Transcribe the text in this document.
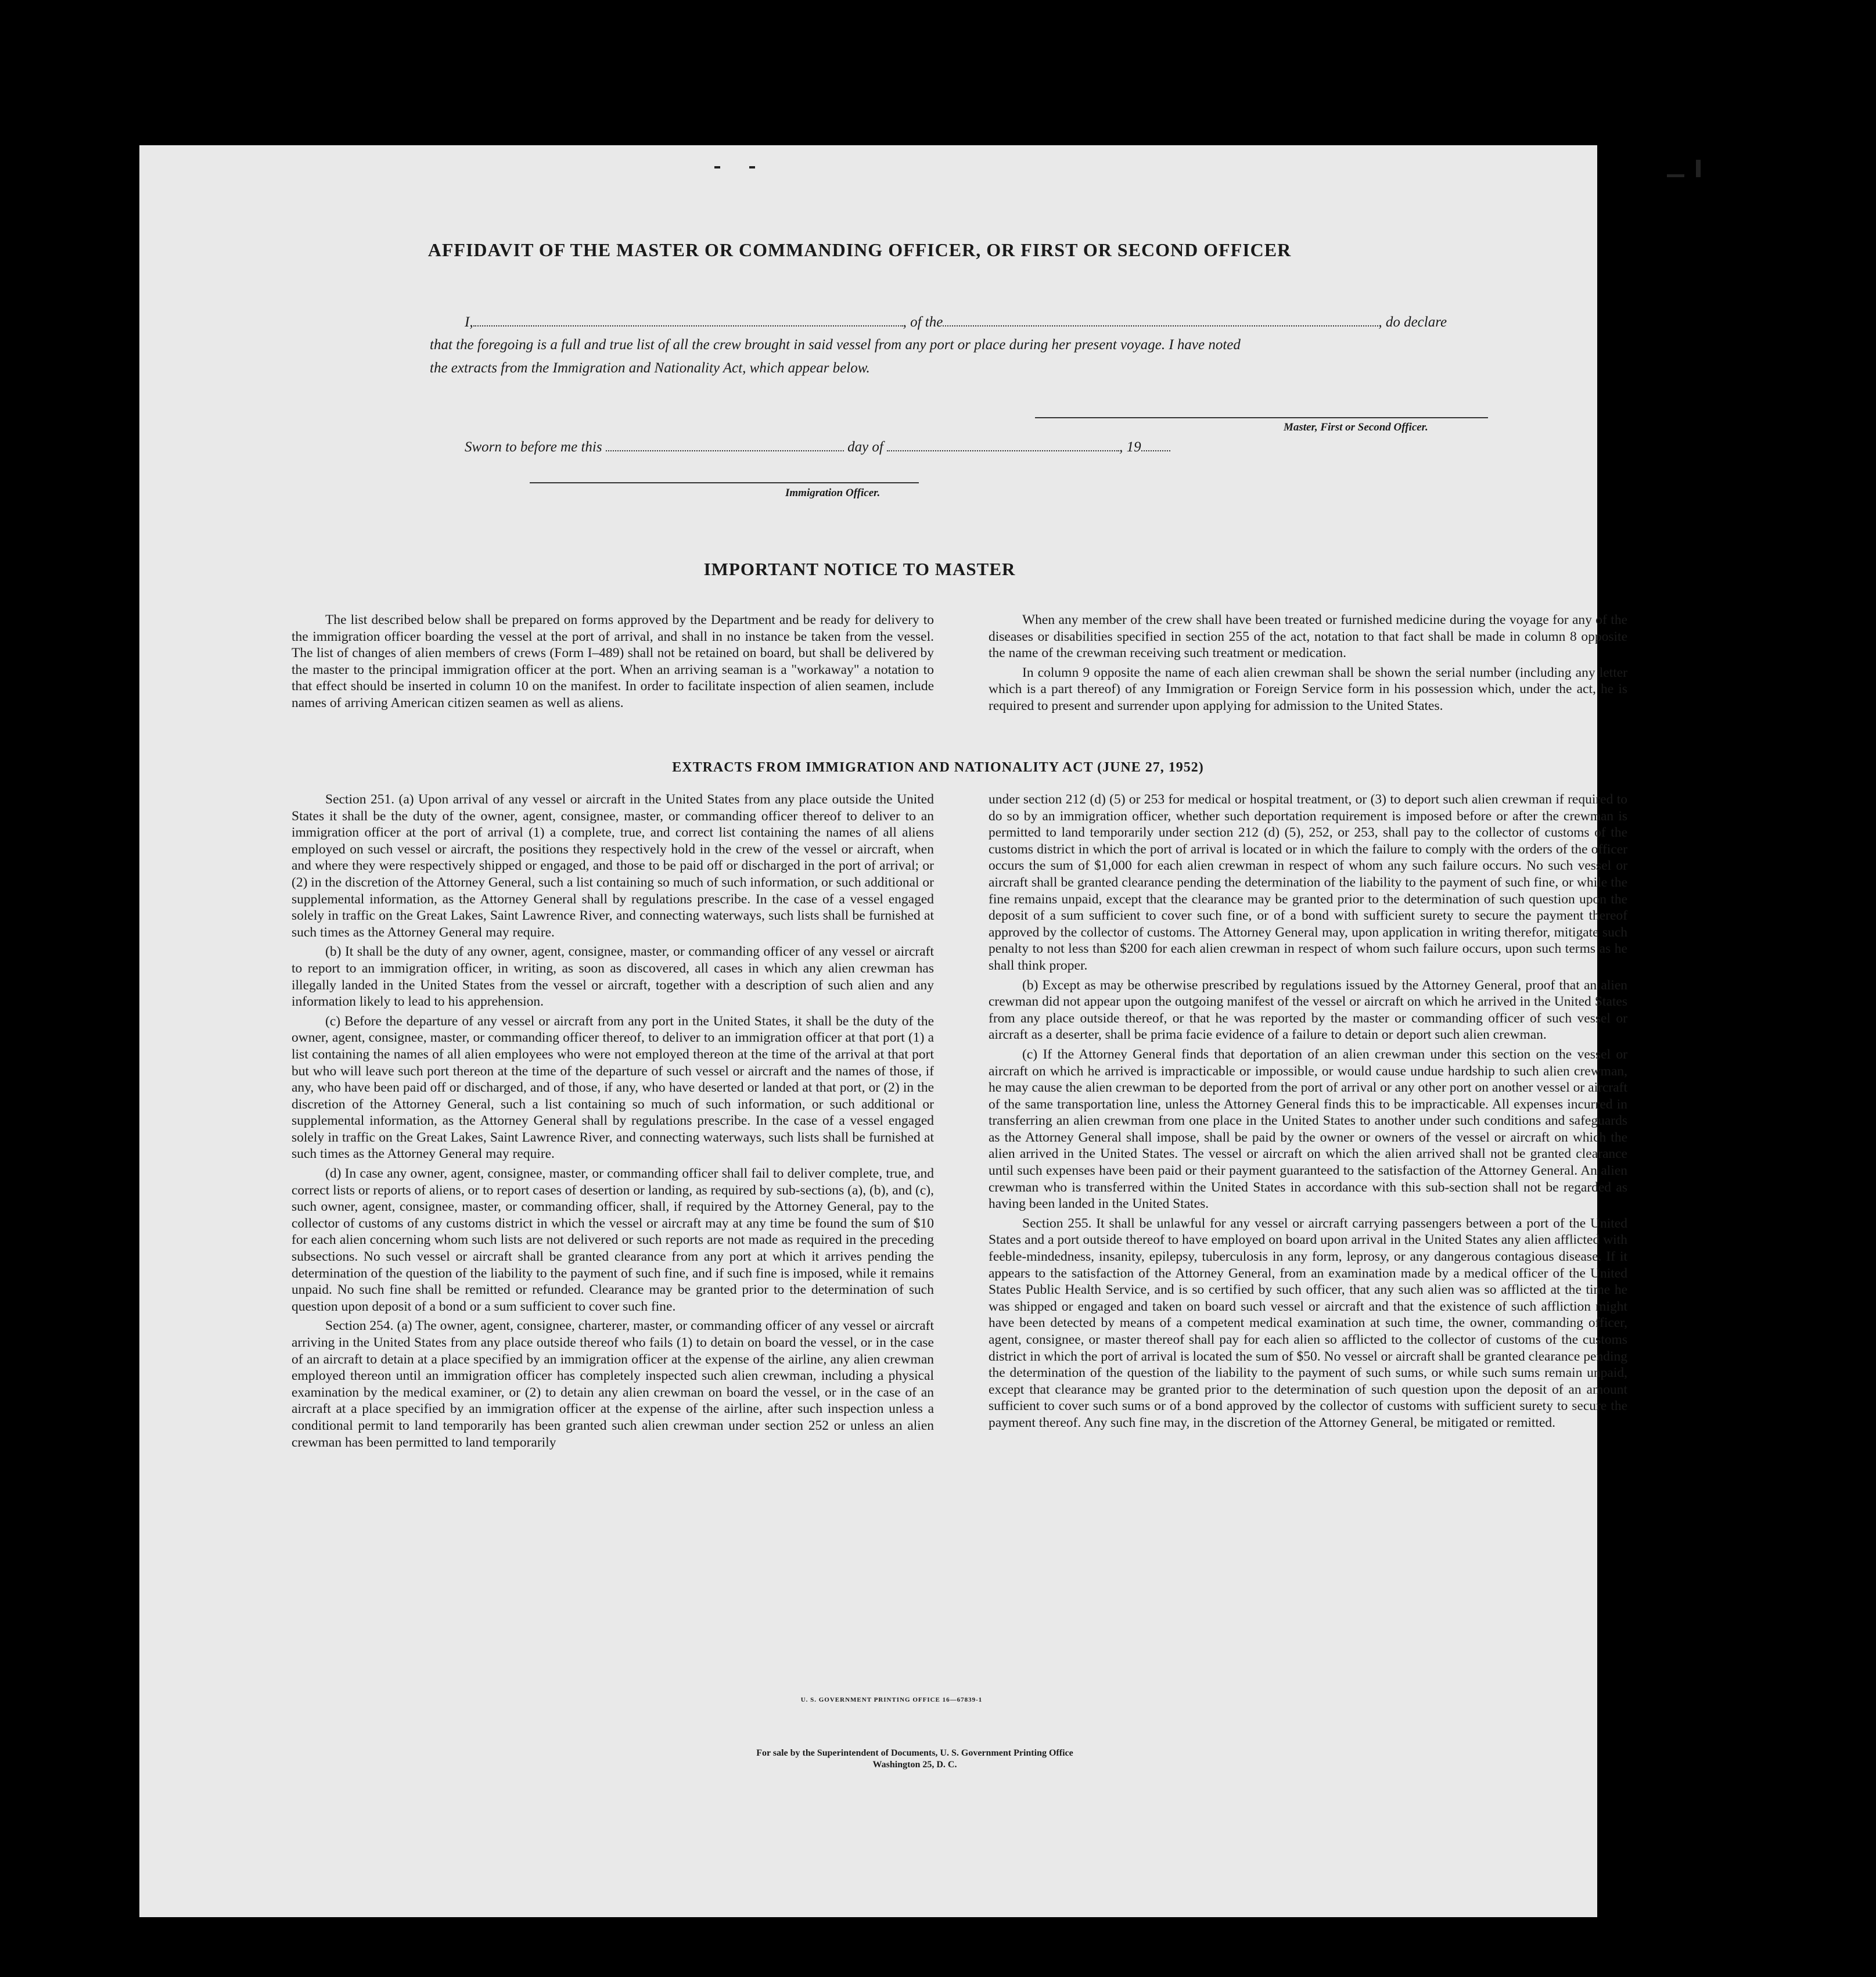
AFFIDAVIT OF THE MASTER OR COMMANDING OFFICER, OR FIRST OR SECOND OFFICER
I,	, of the	, do declare
that the foregoing is a full and true list of all the crew brought in said vessel from any port or place during her present voyage. I have noted
the extracts from the Immigration and Nationality Act, which appear below.
Master, First or Second Officer.
Sworn to before me this	day of	, 19
Immigration Officer.
IMPORTANT NOTICE TO MASTER

The list described below shall be prepared on forms approved by the Department and be ready for delivery to the immigration officer boarding the vessel at the port of arrival, and shall in no instance be taken from the vessel. The list of changes of alien members of crews (Form I–489) shall not be retained on board, but shall be delivered by the master to the principal immigration officer at the port. When an arriving seaman is a "workaway" a notation to that effect should be inserted in column 10 on the manifest. In order to facilitate inspection of alien seamen, include names of arriving American citizen seamen as well as aliens.

When any member of the crew shall have been treated or furnished medicine during the voyage for any of the diseases or disabilities specified in section 255 of the act, notation to that fact shall be made in column 8 opposite the name of the crewman receiving such treatment or medication.

In column 9 opposite the name of each alien crewman shall be shown the serial number (including any letter which is a part thereof) of any Immigration or Foreign Service form in his possession which, under the act, he is required to present and surrender upon applying for admission to the United States.

EXTRACTS FROM IMMIGRATION AND NATIONALITY ACT (JUNE 27, 1952)

Section 251. (a) Upon arrival of any vessel or aircraft in the United States from any place outside the United States it shall be the duty of the owner, agent, consignee, master, or commanding officer thereof to deliver to an immigration officer at the port of arrival (1) a complete, true, and correct list containing the names of all aliens employed on such vessel or aircraft, the positions they respectively hold in the crew of the vessel or aircraft, when and where they were respectively shipped or engaged, and those to be paid off or discharged in the port of arrival; or (2) in the discretion of the Attorney General, such a list containing so much of such information, or such additional or supplemental information, as the Attorney General shall by regulations prescribe. In the case of a vessel engaged solely in traffic on the Great Lakes, Saint Lawrence River, and connecting waterways, such lists shall be furnished at such times as the Attorney General may require.

(b) It shall be the duty of any owner, agent, consignee, master, or commanding officer of any vessel or aircraft to report to an immigration officer, in writing, as soon as discovered, all cases in which any alien crewman has illegally landed in the United States from the vessel or aircraft, together with a description of such alien and any information likely to lead to his apprehension.

(c) Before the departure of any vessel or aircraft from any port in the United States, it shall be the duty of the owner, agent, consignee, master, or commanding officer thereof, to deliver to an immigration officer at that port (1) a list containing the names of all alien employees who were not employed thereon at the time of the arrival at that port but who will leave such port thereon at the time of the departure of such vessel or aircraft and the names of those, if any, who have been paid off or discharged, and of those, if any, who have deserted or landed at that port, or (2) in the discretion of the Attorney General, such a list containing so much of such information, or such additional or supplemental information, as the Attorney General shall by regulations prescribe. In the case of a vessel engaged solely in traffic on the Great Lakes, Saint Lawrence River, and connecting waterways, such lists shall be furnished at such times as the Attorney General may require.

(d) In case any owner, agent, consignee, master, or commanding officer shall fail to deliver complete, true, and correct lists or reports of aliens, or to report cases of desertion or landing, as required by sub-sections (a), (b), and (c), such owner, agent, consignee, master, or commanding officer, shall, if required by the Attorney General, pay to the collector of customs of any customs district in which the vessel or aircraft may at any time be found the sum of $10 for each alien concerning whom such lists are not delivered or such reports are not made as required in the preceding subsections. No such vessel or aircraft shall be granted clearance from any port at which it arrives pending the determination of the question of the liability to the payment of such fine, and if such fine is imposed, while it remains unpaid. No such fine shall be remitted or refunded. Clearance may be granted prior to the determination of such question upon deposit of a bond or a sum sufficient to cover such fine.

Section 254. (a) The owner, agent, consignee, charterer, master, or commanding officer of any vessel or aircraft arriving in the United States from any place outside thereof who fails (1) to detain on board the vessel, or in the case of an aircraft to detain at a place specified by an immigration officer at the expense of the airline, any alien crewman employed thereon until an immigration officer has completely inspected such alien crewman, including a physical examination by the medical examiner, or (2) to detain any alien crewman on board the vessel, or in the case of an aircraft at a place specified by an immigration officer at the expense of the airline, after such inspection unless a conditional permit to land temporarily has been granted such alien crewman under section 252 or unless an alien crewman has been permitted to land temporarily

under section 212 (d) (5) or 253 for medical or hospital treatment, or (3) to deport such alien crewman if required to do so by an immigration officer, whether such deportation requirement is imposed before or after the crewman is permitted to land temporarily under section 212 (d) (5), 252, or 253, shall pay to the collector of customs of the customs district in which the port of arrival is located or in which the failure to comply with the orders of the officer occurs the sum of $1,000 for each alien crewman in respect of whom any such failure occurs. No such vessel or aircraft shall be granted clearance pending the determination of the liability to the payment of such fine, or while the fine remains unpaid, except that the clearance may be granted prior to the determination of such question upon the deposit of a sum sufficient to cover such fine, or of a bond with sufficient surety to secure the payment thereof approved by the collector of customs. The Attorney General may, upon application in writing therefor, mitigate such penalty to not less than $200 for each alien crewman in respect of whom such failure occurs, upon such terms as he shall think proper.

(b) Except as may be otherwise prescribed by regulations issued by the Attorney General, proof that an alien crewman did not appear upon the outgoing manifest of the vessel or aircraft on which he arrived in the United States from any place outside thereof, or that he was reported by the master or commanding officer of such vessel or aircraft as a deserter, shall be prima facie evidence of a failure to detain or deport such alien crewman.

(c) If the Attorney General finds that deportation of an alien crewman under this section on the vessel or aircraft on which he arrived is impracticable or impossible, or would cause undue hardship to such alien crewman, he may cause the alien crewman to be deported from the port of arrival or any other port on another vessel or aircraft of the same transportation line, unless the Attorney General finds this to be impracticable. All expenses incurred in transferring an alien crewman from one place in the United States to another under such conditions and safeguards as the Attorney General shall impose, shall be paid by the owner or owners of the vessel or aircraft on which the alien arrived in the United States. The vessel or aircraft on which the alien arrived shall not be granted clearance until such expenses have been paid or their payment guaranteed to the satisfaction of the Attorney General. An alien crewman who is transferred within the United States in accordance with this sub-section shall not be regarded as having been landed in the United States.

Section 255. It shall be unlawful for any vessel or aircraft carrying passengers between a port of the United States and a port outside thereof to have employed on board upon arrival in the United States any alien afflicted with feeble-mindedness, insanity, epilepsy, tuberculosis in any form, leprosy, or any dangerous contagious disease. If it appears to the satisfaction of the Attorney General, from an examination made by a medical officer of the United States Public Health Service, and is so certified by such officer, that any such alien was so afflicted at the time he was shipped or engaged and taken on board such vessel or aircraft and that the existence of such affliction might have been detected by means of a competent medical examination at such time, the owner, commanding officer, agent, consignee, or master thereof shall pay for each alien so afflicted to the collector of customs of the customs district in which the port of arrival is located the sum of $50. No vessel or aircraft shall be granted clearance pending the determination of the question of the liability to the payment of such sums, or while such sums remain unpaid, except that clearance may be granted prior to the determination of such question upon the deposit of an amount sufficient to cover such sums or of a bond approved by the collector of customs with sufficient surety to secure the payment thereof. Any such fine may, in the discretion of the Attorney General, be mitigated or remitted.

U. S. GOVERNMENT PRINTING OFFICE 16—67839-1
For sale by the Superintendent of Documents, U. S. Government Printing Office
Washington 25, D. C.
